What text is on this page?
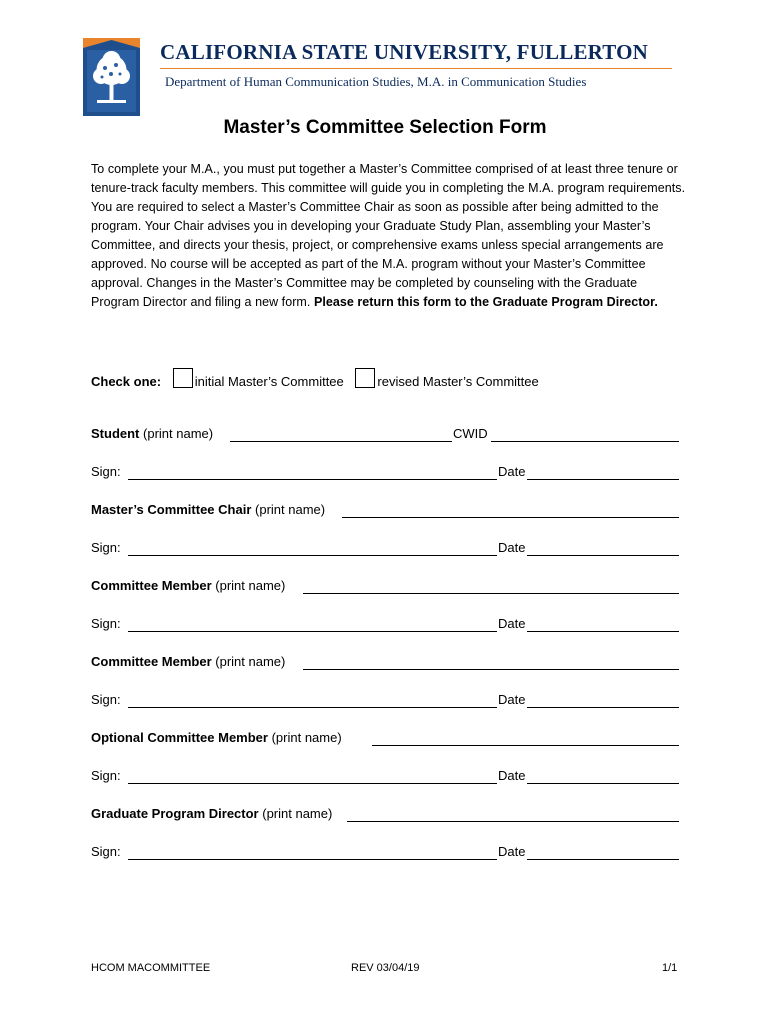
CALIFORNIA STATE UNIVERSITY, FULLERTON
Department of Human Communication Studies, M.A. in Communication Studies
Master’s Committee Selection Form
To complete your M.A., you must put together a Master’s Committee comprised of at least three tenure or tenure-track faculty members. This committee will guide you in completing the M.A. program requirements. You are required to select a Master’s Committee Chair as soon as possible after being admitted to the program. Your Chair advises you in developing your Graduate Study Plan, assembling your Master’s Committee, and directs your thesis, project, or comprehensive exams unless special arrangements are approved. No course will be accepted as part of the M.A. program without your Master’s Committee approval. Changes in the Master’s Committee may be completed by counseling with the Graduate Program Director and filing a new form. Please return this form to the Graduate Program Director.
Check one:	initial Master’s Committee	revised Master’s Committee
Student (print name)	CWID
Sign:	Date
Master’s Committee Chair (print name)
Sign:	Date
Committee Member (print name)
Sign:	Date
Committee Member (print name)
Sign:	Date
Optional Committee Member (print name)
Sign:	Date
Graduate Program Director (print name)
Sign:	Date
HCOM MACOMMITTEE	REV 03/04/19	1/1
